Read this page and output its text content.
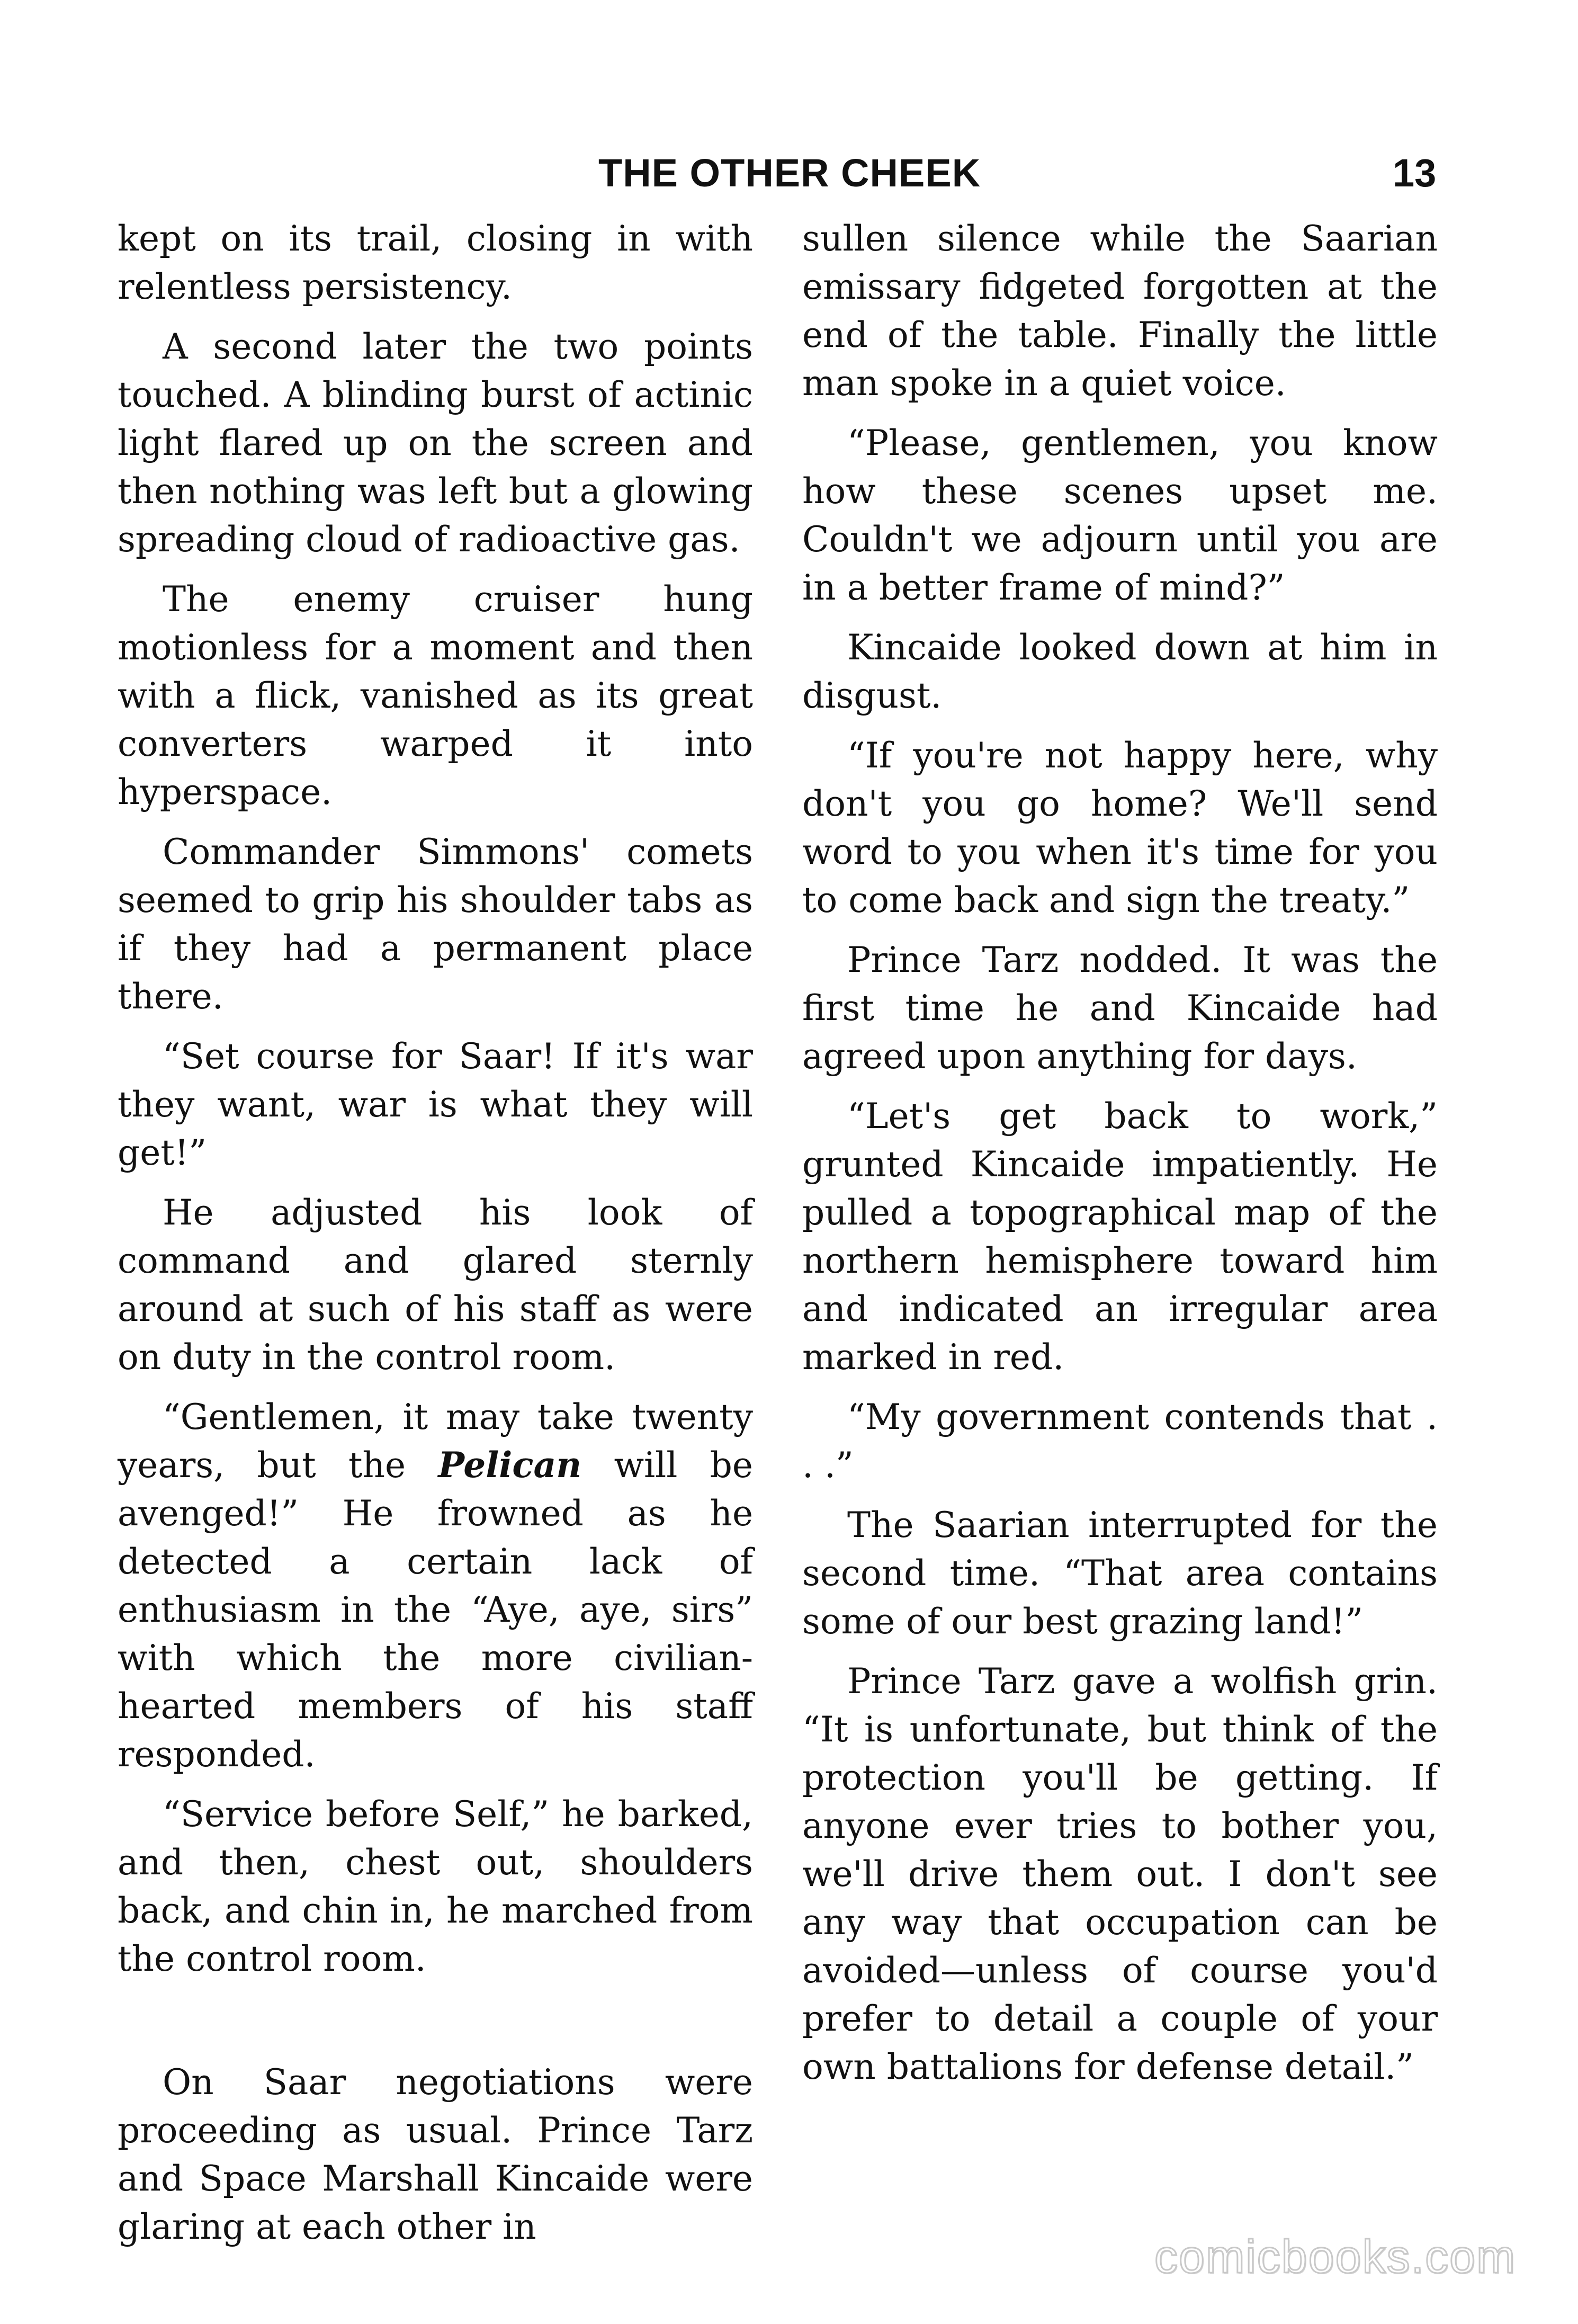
THE OTHER CHEEK	13

kept on its trail, closing in with relentless persistency.

A second later the two points touched. A blinding burst of actinic light flared up on the screen and then nothing was left but a glowing spreading cloud of radioactive gas.

The enemy cruiser hung motionless for a moment and then with a flick, vanished as its great converters warped it into hyperspace.

Commander Simmons' comets seemed to grip his shoulder tabs as if they had a permanent place there.

“Set course for Saar! If it's war they want, war is what they will get!”

He adjusted his look of command and glared sternly around at such of his staff as were on duty in the control room.

“Gentlemen, it may take twenty years, but the Pelican will be avenged!” He frowned as he detected a certain lack of enthusiasm in the “Aye, aye, sirs” with which the more civilian-hearted members of his staff responded.

“Service before Self,” he barked, and then, chest out, shoulders back, and chin in, he marched from the control room.

On Saar negotiations were proceeding as usual. Prince Tarz and Space Marshall Kincaide were glaring at each other in

sullen silence while the Saarian emissary fidgeted forgotten at the end of the table. Finally the little man spoke in a quiet voice.

“Please, gentlemen, you know how these scenes upset me. Couldn't we adjourn until you are in a better frame of mind?”

Kincaide looked down at him in disgust.

“If you're not happy here, why don't you go home? We'll send word to you when it's time for you to come back and sign the treaty.”

Prince Tarz nodded. It was the first time he and Kincaide had agreed upon anything for days.

“Let's get back to work,” grunted Kincaide impatiently. He pulled a topographical map of the northern hemisphere toward him and indicated an irregular area marked in red.

“My government contends that . . .”

The Saarian interrupted for the second time. “That area contains some of our best grazing land!”

Prince Tarz gave a wolfish grin. “It is unfortunate, but think of the protection you'll be getting. If anyone ever tries to bother you, we'll drive them out. I don't see any way that occupation can be avoided—unless of course you'd prefer to detail a couple of your own battalions for defense detail.”

comicbooks.com
